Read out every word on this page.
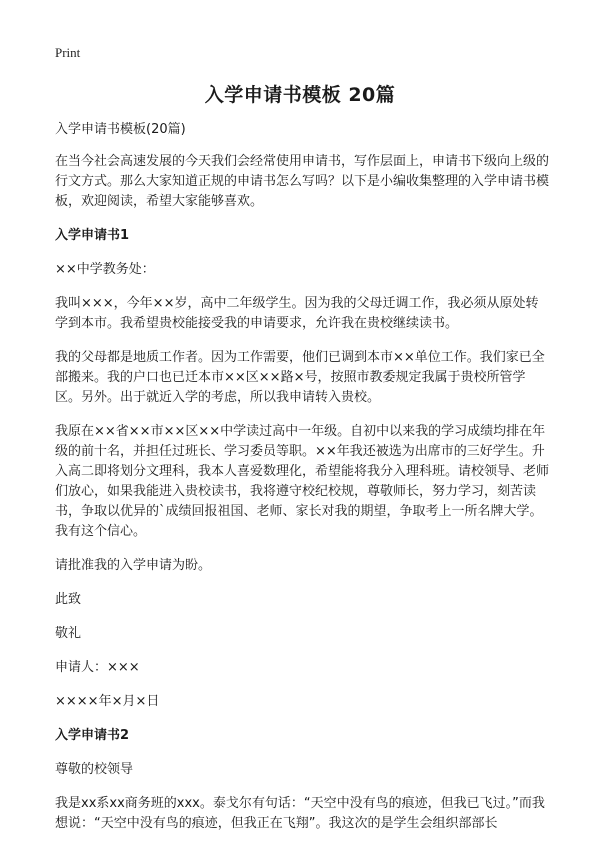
Print
入学申请书模板 20篇

入学申请书模板(20篇)

在当今社会高速发展的今天我们会经常使用申请书，写作层面上，申请书下级向上级的行文方式。那么大家知道正规的申请书怎么写吗？以下是小编收集整理的入学申请书模板，欢迎阅读，希望大家能够喜欢。

入学申请书1

××中学教务处：

我叫×××，今年××岁，高中二年级学生。因为我的父母迁调工作，我必须从原处转学到本市。我希望贵校能接受我的申请要求，允许我在贵校继续读书。

我的父母都是地质工作者。因为工作需要，他们已调到本市××单位工作。我们家已全部搬来。我的户口也已迁本市××区××路×号，按照市教委规定我属于贵校所管学区。另外。出于就近入学的考虑，所以我申请转入贵校。

我原在××省××市××区××中学读过高中一年级。自初中以来我的学习成绩均排在年级的前十名，并担任过班长、学习委员等职。××年我还被选为出席市的三好学生。升入高二即将划分文理科，我本人喜爱数理化，希望能将我分入理科班。请校领导、老师们放心，如果我能进入贵校读书，我将遵守校纪校规，尊敬师长，努力学习，刻苦读书，争取以优异的`成绩回报祖国、老师、家长对我的期望，争取考上一所名牌大学。我有这个信心。

请批准我的入学申请为盼。

此致

敬礼

申请人：×××

××××年×月×日

入学申请书2

尊敬的校领导

我是xx系xx商务班的xxx。泰戈尔有句话：“天空中没有鸟的痕迹，但我已飞过。”而我想说：“天空中没有鸟的痕迹，但我正在飞翔”。我这次的是学生会组织部部长
